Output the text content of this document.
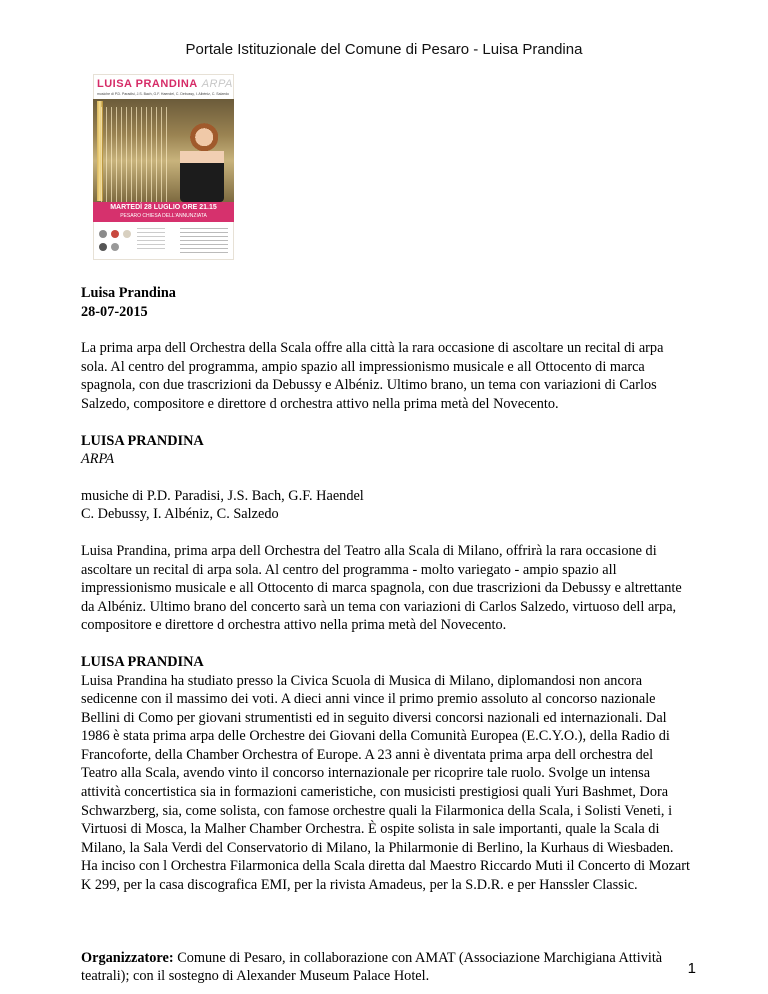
Portale Istituzionale del Comune di Pesaro - Luisa Prandina
LUISA PRANDINA ARPA
musiche di P.D. Paradisi, J.S. Bach, G.F. Haendel, C. Debussy, I. Albéniz, C. Salzedo
MARTEDÌ 28 LUGLIO ORE 21.15
PESARO CHIESA DELL'ANNUNZIATA

Luisa Prandina

28-07-2015

La prima arpa dell Orchestra della Scala offre alla città la rara occasione di ascoltare un recital di arpa sola. Al centro del programma, ampio spazio all impressionismo musicale e all Ottocento di marca spagnola, con due trascrizioni da Debussy e Albéniz. Ultimo brano, un tema con variazioni di Carlos Salzedo, compositore e direttore d orchestra attivo nella prima metà del Novecento.

LUISA PRANDINA

ARPA

musiche di P.D. Paradisi, J.S. Bach, G.F. Haendel

C. Debussy, I. Albéniz, C. Salzedo

Luisa Prandina, prima arpa dell Orchestra del Teatro alla Scala di Milano, offrirà la rara occasione di ascoltare un recital di arpa sola. Al centro del programma - molto variegato - ampio spazio all impressionismo musicale e all Ottocento di marca spagnola, con due trascrizioni da Debussy e altrettante da Albéniz. Ultimo brano del concerto sarà un tema con variazioni di Carlos Salzedo, virtuoso dell arpa, compositore e direttore d orchestra attivo nella prima metà del Novecento.

LUISA PRANDINA

Luisa Prandina ha studiato presso la Civica Scuola di Musica di Milano, diplomandosi non ancora sedicenne con il massimo dei voti. A dieci anni vince il primo premio assoluto al concorso nazionale Bellini di Como per giovani strumentisti ed in seguito diversi concorsi nazionali ed internazionali. Dal 1986 è stata prima arpa delle Orchestre dei Giovani della Comunità Europea (E.C.Y.O.), della Radio di Francoforte, della Chamber Orchestra of Europe. A 23 anni è diventata prima arpa dell orchestra del Teatro alla Scala, avendo vinto il concorso internazionale per ricoprire tale ruolo. Svolge un intensa attività concertistica sia in formazioni cameristiche, con musicisti prestigiosi quali Yuri Bashmet, Dora Schwarzberg, sia, come solista, con famose orchestre quali la Filarmonica della Scala, i Solisti Veneti, i Virtuosi di Mosca, la Malher Chamber Orchestra. È ospite solista in sale importanti, quale la Scala di Milano, la Sala Verdi del Conservatorio di Milano, la Philarmonie di Berlino, la Kurhaus di Wiesbaden. Ha inciso con l Orchestra Filarmonica della Scala diretta dal Maestro Riccardo Muti il Concerto di Mozart K 299, per la casa discografica EMI, per la rivista Amadeus, per la S.D.R. e per Hanssler Classic.

Organizzatore: Comune di Pesaro, in collaborazione con AMAT (Associazione Marchigiana Attività teatrali); con il sostegno di Alexander Museum Palace Hotel.	1
